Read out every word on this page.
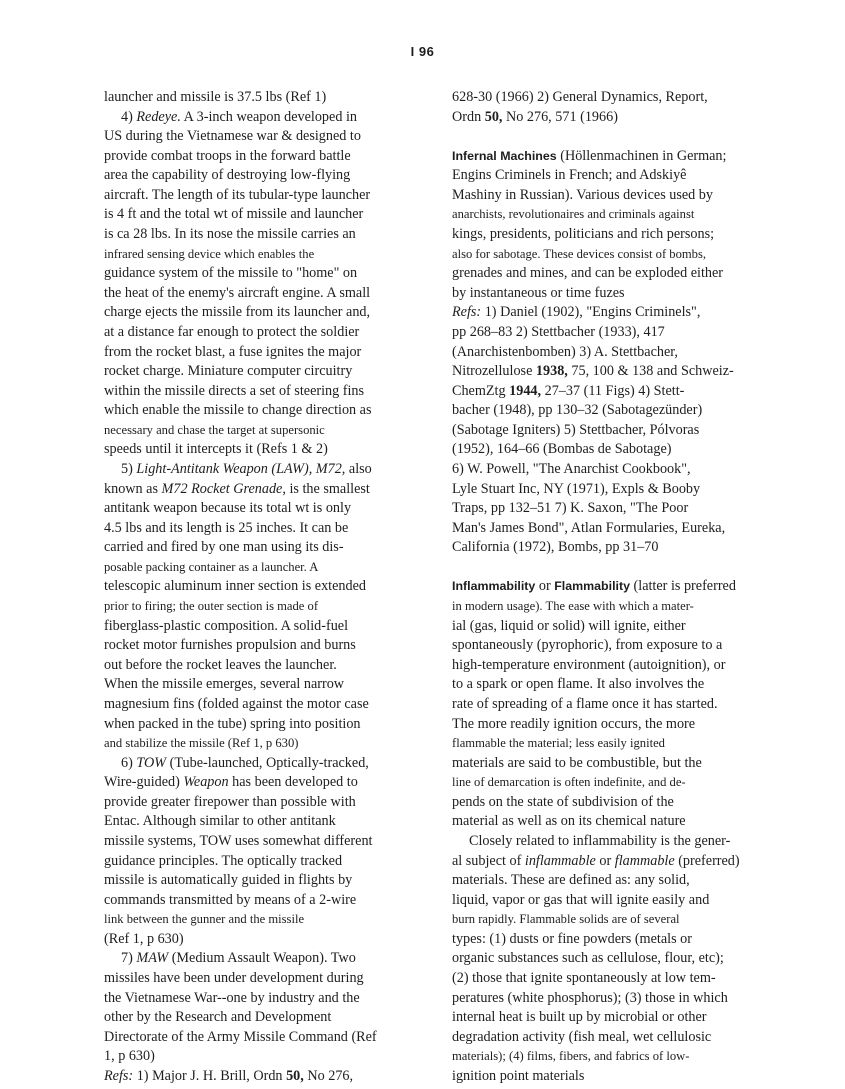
I 96
launcher and missile is 37.5 lbs (Ref 1)
4) Redeye. A 3-inch weapon developed in
US during the Vietnamese war & designed to
provide combat troops in the forward battle
area the capability of destroying low-flying
aircraft. The length of its tubular-type launcher
is 4 ft and the total wt of missile and launcher
is ca 28 lbs. In its nose the missile carries an
infrared sensing device which enables the
guidance system of the missile to "home" on
the heat of the enemy's aircraft engine. A small
charge ejects the missile from its launcher and,
at a distance far enough to protect the soldier
from the rocket blast, a fuse ignites the major
rocket charge. Miniature computer circuitry
within the missile directs a set of steering fins
which enable the missile to change direction as
necessary and chase the target at supersonic
speeds until it intercepts it (Refs 1 & 2)
5) Light-Antitank Weapon (LAW), M72, also
known as M72 Rocket Grenade, is the smallest
antitank weapon because its total wt is only
4.5 lbs and its length is 25 inches. It can be
carried and fired by one man using its dis-
posable packing container as a launcher. A
telescopic aluminum inner section is extended
prior to firing; the outer section is made of
fiberglass-plastic composition. A solid-fuel
rocket motor furnishes propulsion and burns
out before the rocket leaves the launcher.
When the missile emerges, several narrow
magnesium fins (folded against the motor case
when packed in the tube) spring into position
and stabilize the missile (Ref 1, p 630)
6) TOW (Tube-launched, Optically-tracked,
Wire-guided) Weapon has been developed to
provide greater firepower than possible with
Entac. Although similar to other antitank
missile systems, TOW uses somewhat different
guidance principles. The optically tracked
missile is automatically guided in flights by
commands transmitted by means of a 2-wire
link between the gunner and the missile
(Ref 1, p 630)
7) MAW (Medium Assault Weapon). Two
missiles have been under development during
the Vietnamese War--one by industry and the
other by the Research and Development
Directorate of the Army Missile Command (Ref
1, p 630)
Refs: 1) Major J. H. Brill, Ordn 50, No 276,
628-30 (1966) 2) General Dynamics, Report,
Ordn 50, No 276, 571 (1966)
Infernal Machines (Höllenmachinen in German;
Engins Criminels in French; and Adskiyê
Mashiny in Russian). Various devices used by
anarchists, revolutionaires and criminals against
kings, presidents, politicians and rich persons;
also for sabotage. These devices consist of bombs,
grenades and mines, and can be exploded either
by instantaneous or time fuzes
Refs: 1) Daniel (1902), "Engins Criminels",
pp 268–83 2) Stettbacher (1933), 417
(Anarchistenbomben) 3) A. Stettbacher,
Nitrozellulose 1938, 75, 100 & 138 and Schweiz-
ChemZtg 1944, 27–37 (11 Figs) 4) Stett-
bacher (1948), pp 130–32 (Sabotagezünder)
(Sabotage Igniters) 5) Stettbacher, Pólvoras
(1952), 164–66 (Bombas de Sabotage)
6) W. Powell, "The Anarchist Cookbook",
Lyle Stuart Inc, NY (1971), Expls & Booby
Traps, pp 132–51 7) K. Saxon, "The Poor
Man's James Bond", Atlan Formularies, Eureka,
California (1972), Bombs, pp 31–70
Inflammability or Flammability (latter is preferred
in modern usage). The ease with which a mater-
ial (gas, liquid or solid) will ignite, either
spontaneously (pyrophoric), from exposure to a
high-temperature environment (autoignition), or
to a spark or open flame. It also involves the
rate of spreading of a flame once it has started.
The more readily ignition occurs, the more
flammable the material; less easily ignited
materials are said to be combustible, but the
line of demarcation is often indefinite, and de-
pends on the state of subdivision of the
material as well as on its chemical nature
Closely related to inflammability is the gener-
al subject of inflammable or flammable (preferred)
materials. These are defined as: any solid,
liquid, vapor or gas that will ignite easily and
burn rapidly. Flammable solids are of several
types: (1) dusts or fine powders (metals or
organic substances such as cellulose, flour, etc);
(2) those that ignite spontaneously at low tem-
peratures (white phosphorus); (3) those in which
internal heat is built up by microbial or other
degradation activity (fish meal, wet cellulosic
materials); (4) films, fibers, and fabrics of low-
ignition point materials
